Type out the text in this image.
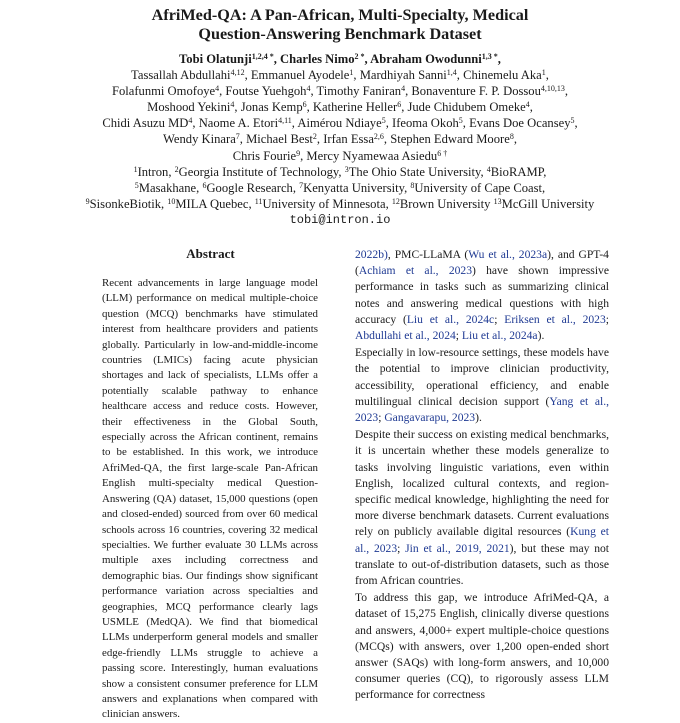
AfriMed-QA: A Pan-African, Multi-Specialty, Medical
Question-Answering Benchmark Dataset
Tobi Olatunji$^{1,2,4 *}$, Charles Nimo$^{2 *}$, Abraham Owodunni$^{1,3 *}$,
Tassallah Abdullahi$^{4,12}$, Emmanuel Ayodele$^1$, Mardhiyah Sanni$^{1,4}$, Chinemelu Aka$^1$,
Folafunmi Omofoye$^4$, Foutse Yuehgoh$^4$, Timothy Faniran$^4$, Bonaventure F. P. Dossou$^{4,10,13}$,
Moshood Yekini$^4$, Jonas Kemp$^6$, Katherine Heller$^6$, Jude Chidubem Omeke$^4$,
Chidi Asuzu $MD^4$, Naome A. Etori$^{4,11}$, Aimérou Ndiaye$^5$, Ifeoma Okoh$^5$, Evans Doe Ocansey$^5$,
Wendy Kinara$^7$, Michael Best$^2$, Irfan Essa$^{2,6}$, Stephen Edward Moore$^8$,
Chris Fourie$^9$, Mercy Nyamewaa Asiedu$^{6 \dagger}$
$^1$Intron, $^2$Georgia Institute of Technology, $^3$The Ohio State University, $^4$BioRAMP,
$^5$Masakhane, $^6$Google Research, $^7$Kenyatta University, $^8$University of Cape Coast,
$^9$SisonkeBiotik, $^{10}$MILA Quebec, $^{11}$University of Minnesota, $^{12}$Brown University $^{13}$McGill University
tobi@intron.io
Abstract
Recent advancements in large language model (LLM) performance on medical multiple-choice question (MCQ) benchmarks have stimulated interest from healthcare providers and patients globally. Particularly in low-and-middle-income countries (LMICs) facing acute physician shortages and lack of specialists, LLMs offer a potentially scalable pathway to enhance healthcare access and reduce costs. However, their effectiveness in the Global South, especially across the African continent, remains to be established. In this work, we introduce AfriMed-QA, the first large-scale Pan-African English multi-specialty medical Question-Answering (QA) dataset, 15,000 questions (open and closed-ended) sourced from over 60 medical schools across 16 countries, covering 32 medical specialties. We further evaluate 30 LLMs across multiple axes including correctness and demographic bias. Our findings show significant performance variation across specialties and geographies, MCQ performance clearly lags USMLE (MedQA). We find that biomedical LLMs underperform general models and smaller edge-friendly LLMs struggle to achieve a passing score. Interestingly, human evaluations show a consistent consumer preference for LLM answers and explanations when compared with clinician answers.

2022b), PMC-LLaMA (Wu et al., 2023a), and GPT-4 (Achiam et al., 2023) have shown impressive performance in tasks such as summarizing clinical notes and answering medical questions with high accuracy (Liu et al., 2024c; Eriksen et al., 2023; Abdullahi et al., 2024; Liu et al., 2024a).

Especially in low-resource settings, these models have the potential to improve clinician productivity, accessibility, operational efficiency, and enable multilingual clinical decision support (Yang et al., 2023; Gangavarapu, 2023).

Despite their success on existing medical benchmarks, it is uncertain whether these models generalize to tasks involving linguistic variations, even within English, localized cultural contexts, and region-specific medical knowledge, highlighting the need for more diverse benchmark datasets. Current evaluations rely on publicly available digital resources (Kung et al., 2023; Jin et al., 2019, 2021), but these may not translate to out-of-distribution datasets, such as those from African countries.

To address this gap, we introduce AfriMed-QA, a dataset of 15,275 English, clinically diverse questions and answers, 4,000+ expert multiple-choice questions (MCQs) with answers, over 1,200 open-ended short answer (SAQs) with long-form answers, and 10,000 consumer queries (CQ), to rigorously assess LLM performance for correctness
